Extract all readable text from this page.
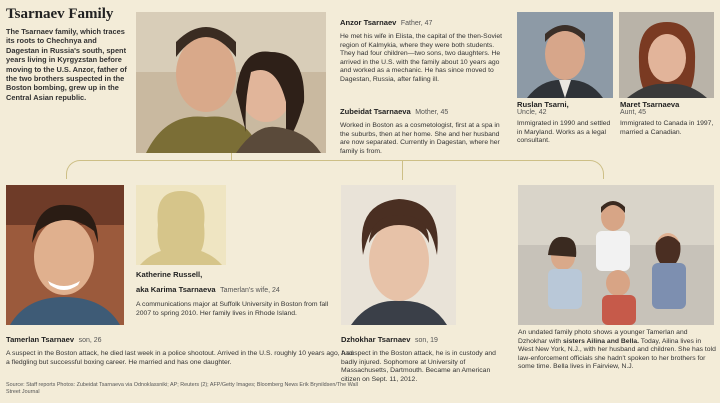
Tsarnaev Family
The Tsarnaev family, which traces its roots to Chechnya and Dagestan in Russia's south, spent years living in Kyrgyzstan before moving to the U.S. Anzor, father of the two brothers suspected in the Boston bombing, grew up in the Central Asian republic.
Anzor Tsarnaev Father, 47
He met his wife in Elista, the capital of the then-Soviet region of Kalmykia, where they were both students. They had four children—two sons, two daughters. He arrived in the U.S. with the family about 10 years ago and worked as a mechanic. He has since moved to Dagestan, Russia, after falling ill.
Zubeidat Tsarnaeva Mother, 45
Worked in Boston as a cosmetologist, first at a spa in the suburbs, then at her home. She and her husband are now separated. Currently in Dagestan, where her family is from.
Ruslan Tsarni,
Uncle, 42
Immigrated in 1990 and settled in Maryland. Works as a legal consultant.
Maret Tsarnaeva
Aunt, 45
Immigrated to Canada in 1997, married a Canadian.
Tamerlan Tsarnaev son, 26
A suspect in the Boston attack, he died last week in a police shootout. Arrived in the U.S. roughly 10 years ago, had a fledgling but successful boxing career. He married and has one daughter.
Katherine Russell,
aka Karima Tsarnaeva Tamerlan's wife, 24
A communications major at Suffolk University in Boston from fall 2007 to spring 2010. Her family lives in Rhode Island.
Dzhokhar Tsarnaev son, 19
A suspect in the Boston attack, he is in custody and badly injured. Sophomore at University of Massachusetts, Dartmouth. Became an American citizen on Sept. 11, 2012.
An undated family photo shows a younger Tamerlan and Dzhokhar with sisters Ailina and Bella. Today, Ailina lives in West New York, N.J., with her husband and children. She has told law-enforcement officials she hadn't spoken to her brothers for some time. Bella lives in Fairview, N.J.
Source: Staff reports Photos: Zubeidat Tsarnaeva via Odnoklassniki; AP; Reuters (2); AFP/Getty Images; Bloomberg News Erik Brynildsen/The Wall Street Journal
